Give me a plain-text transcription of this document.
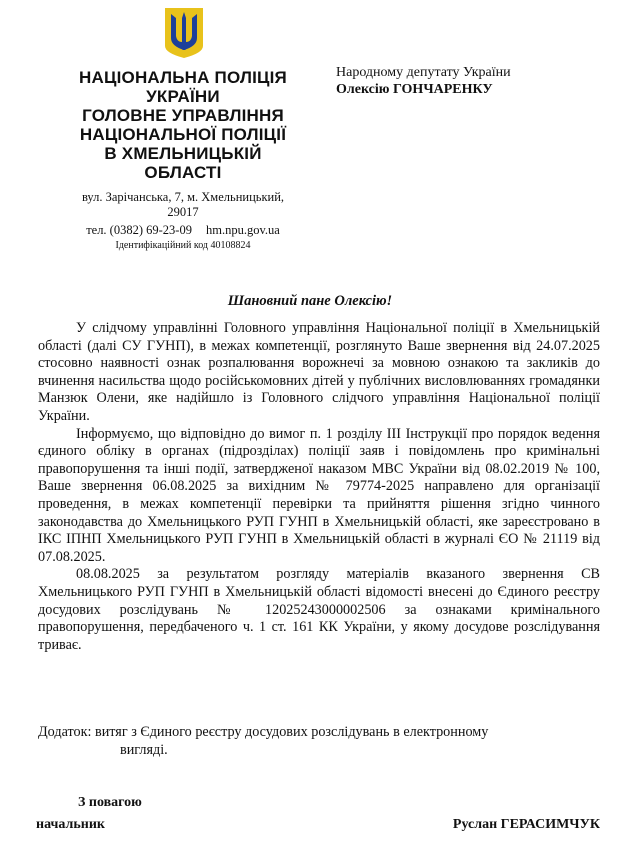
НАЦІОНАЛЬНА ПОЛІЦІЯ
УКРАЇНИ
ГОЛОВНЕ УПРАВЛІННЯ
НАЦІОНАЛЬНОЇ ПОЛІЦІЇ
В ХМЕЛЬНИЦЬКІЙ
ОБЛАСТІ
вул. Зарічанська, 7, м. Хмельницький,
29017
тел. (0382) 69-23-09 hm.npu.gov.ua
Ідентифікаційний код 40108824
Народному депутату України
Олексію ГОНЧАРЕНКУ
Шановний пане Олексію!

У слідчому управлінні Головного управління Національної поліції в Хмельницькій області (далі СУ ГУНП), в межах компетенції, розглянуто Ваше звернення від 24.07.2025 стосовно наявності ознак розпалювання ворожнечі за мовною ознакою та закликів до вчинення насильства щодо російськомовних дітей у публічних висловлюваннях громадянки Манзюк Олени, яке надійшло із Головного слідчого управління Національної поліції України.

Інформуємо, що відповідно до вимог п. 1 розділу ІІІ Інструкції про порядок ведення єдиного обліку в органах (підрозділах) поліції заяв і повідомлень про кримінальні правопорушення та інші події, затвердженої наказом МВС України від 08.02.2019 № 100, Ваше звернення 06.08.2025 за вихідним № 79774-2025 направлено для організації проведення, в межах компетенції перевірки та прийняття рішення згідно чинного законодавства до Хмельницького РУП ГУНП в Хмельницькій області, яке зареєстровано в ІКС ІПНП Хмельницького РУП ГУНП в Хмельницькій області в журналі ЄО № 21119 від 07.08.2025.

08.08.2025 за результатом розгляду матеріалів вказаного звернення СВ Хмельницького РУП ГУНП в Хмельницькій області відомості внесені до Єдиного реєстру досудових розслідувань № 12025243000002506 за ознаками кримінального правопорушення, передбаченого ч. 1 ст. 161 КК України, у якому досудове розслідування триває.

Додаток: витяг з Єдиного реєстру досудових розслідувань в електронному
вигляді.
З повагою
начальник	Руслан ГЕРАСИМЧУК
